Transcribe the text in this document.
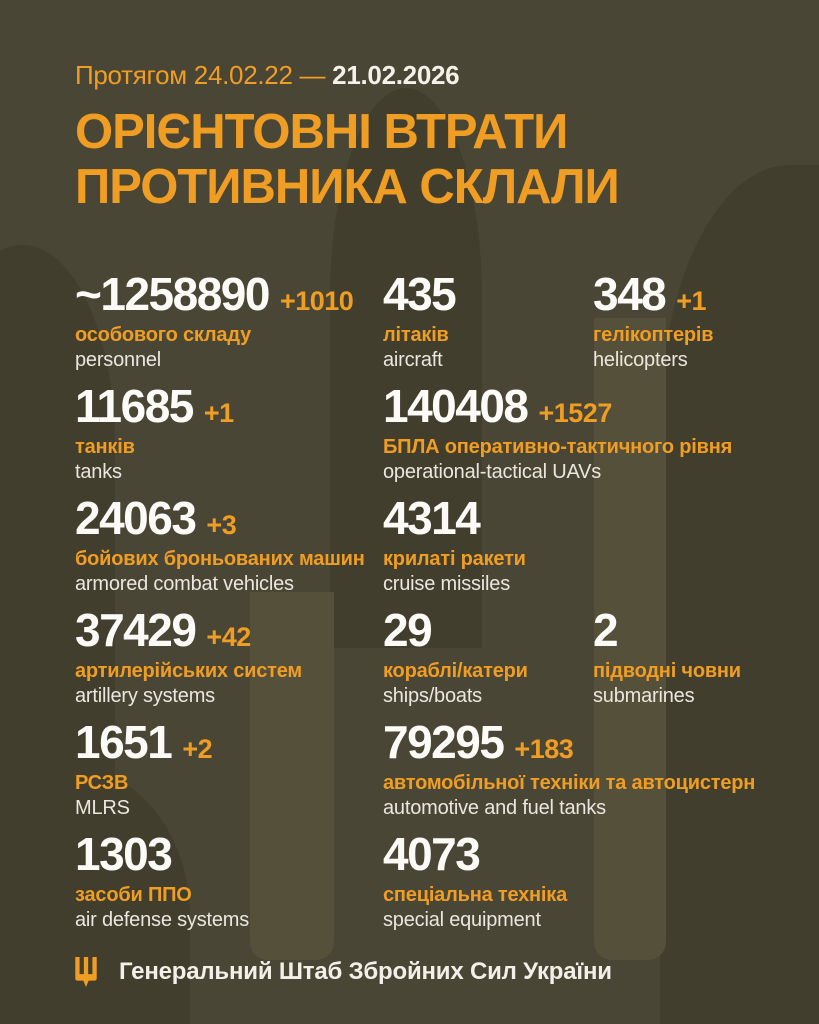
Протягом 24.02.22 — 21.02.2026
ОРІЄНТОВНІ ВТРАТИ
ПРОТИВНИКА СКЛАЛИ
~1258890 +1010
особового складу
personnel
435
літаків
aircraft
348 +1
гелікоптерів
helicopters
11685 +1
танків
tanks
140408 +1527
БПЛА оперативно-тактичного рівня
operational-tactical UAVs
24063 +3
бойових броньованих машин
armored combat vehicles
4314
крилаті ракети
cruise missiles
37429 +42
артилерійських систем
artillery systems
29
кораблі/катери
ships/boats
2
підводні човни
submarines
1651 +2
РСЗВ
MLRS
79295 +183
автомобільної техніки та автоцистерн
automotive and fuel tanks
1303
засоби ППО
air defense systems
4073
спеціальна техніка
special equipment
Генеральний Штаб Збройних Сил України
